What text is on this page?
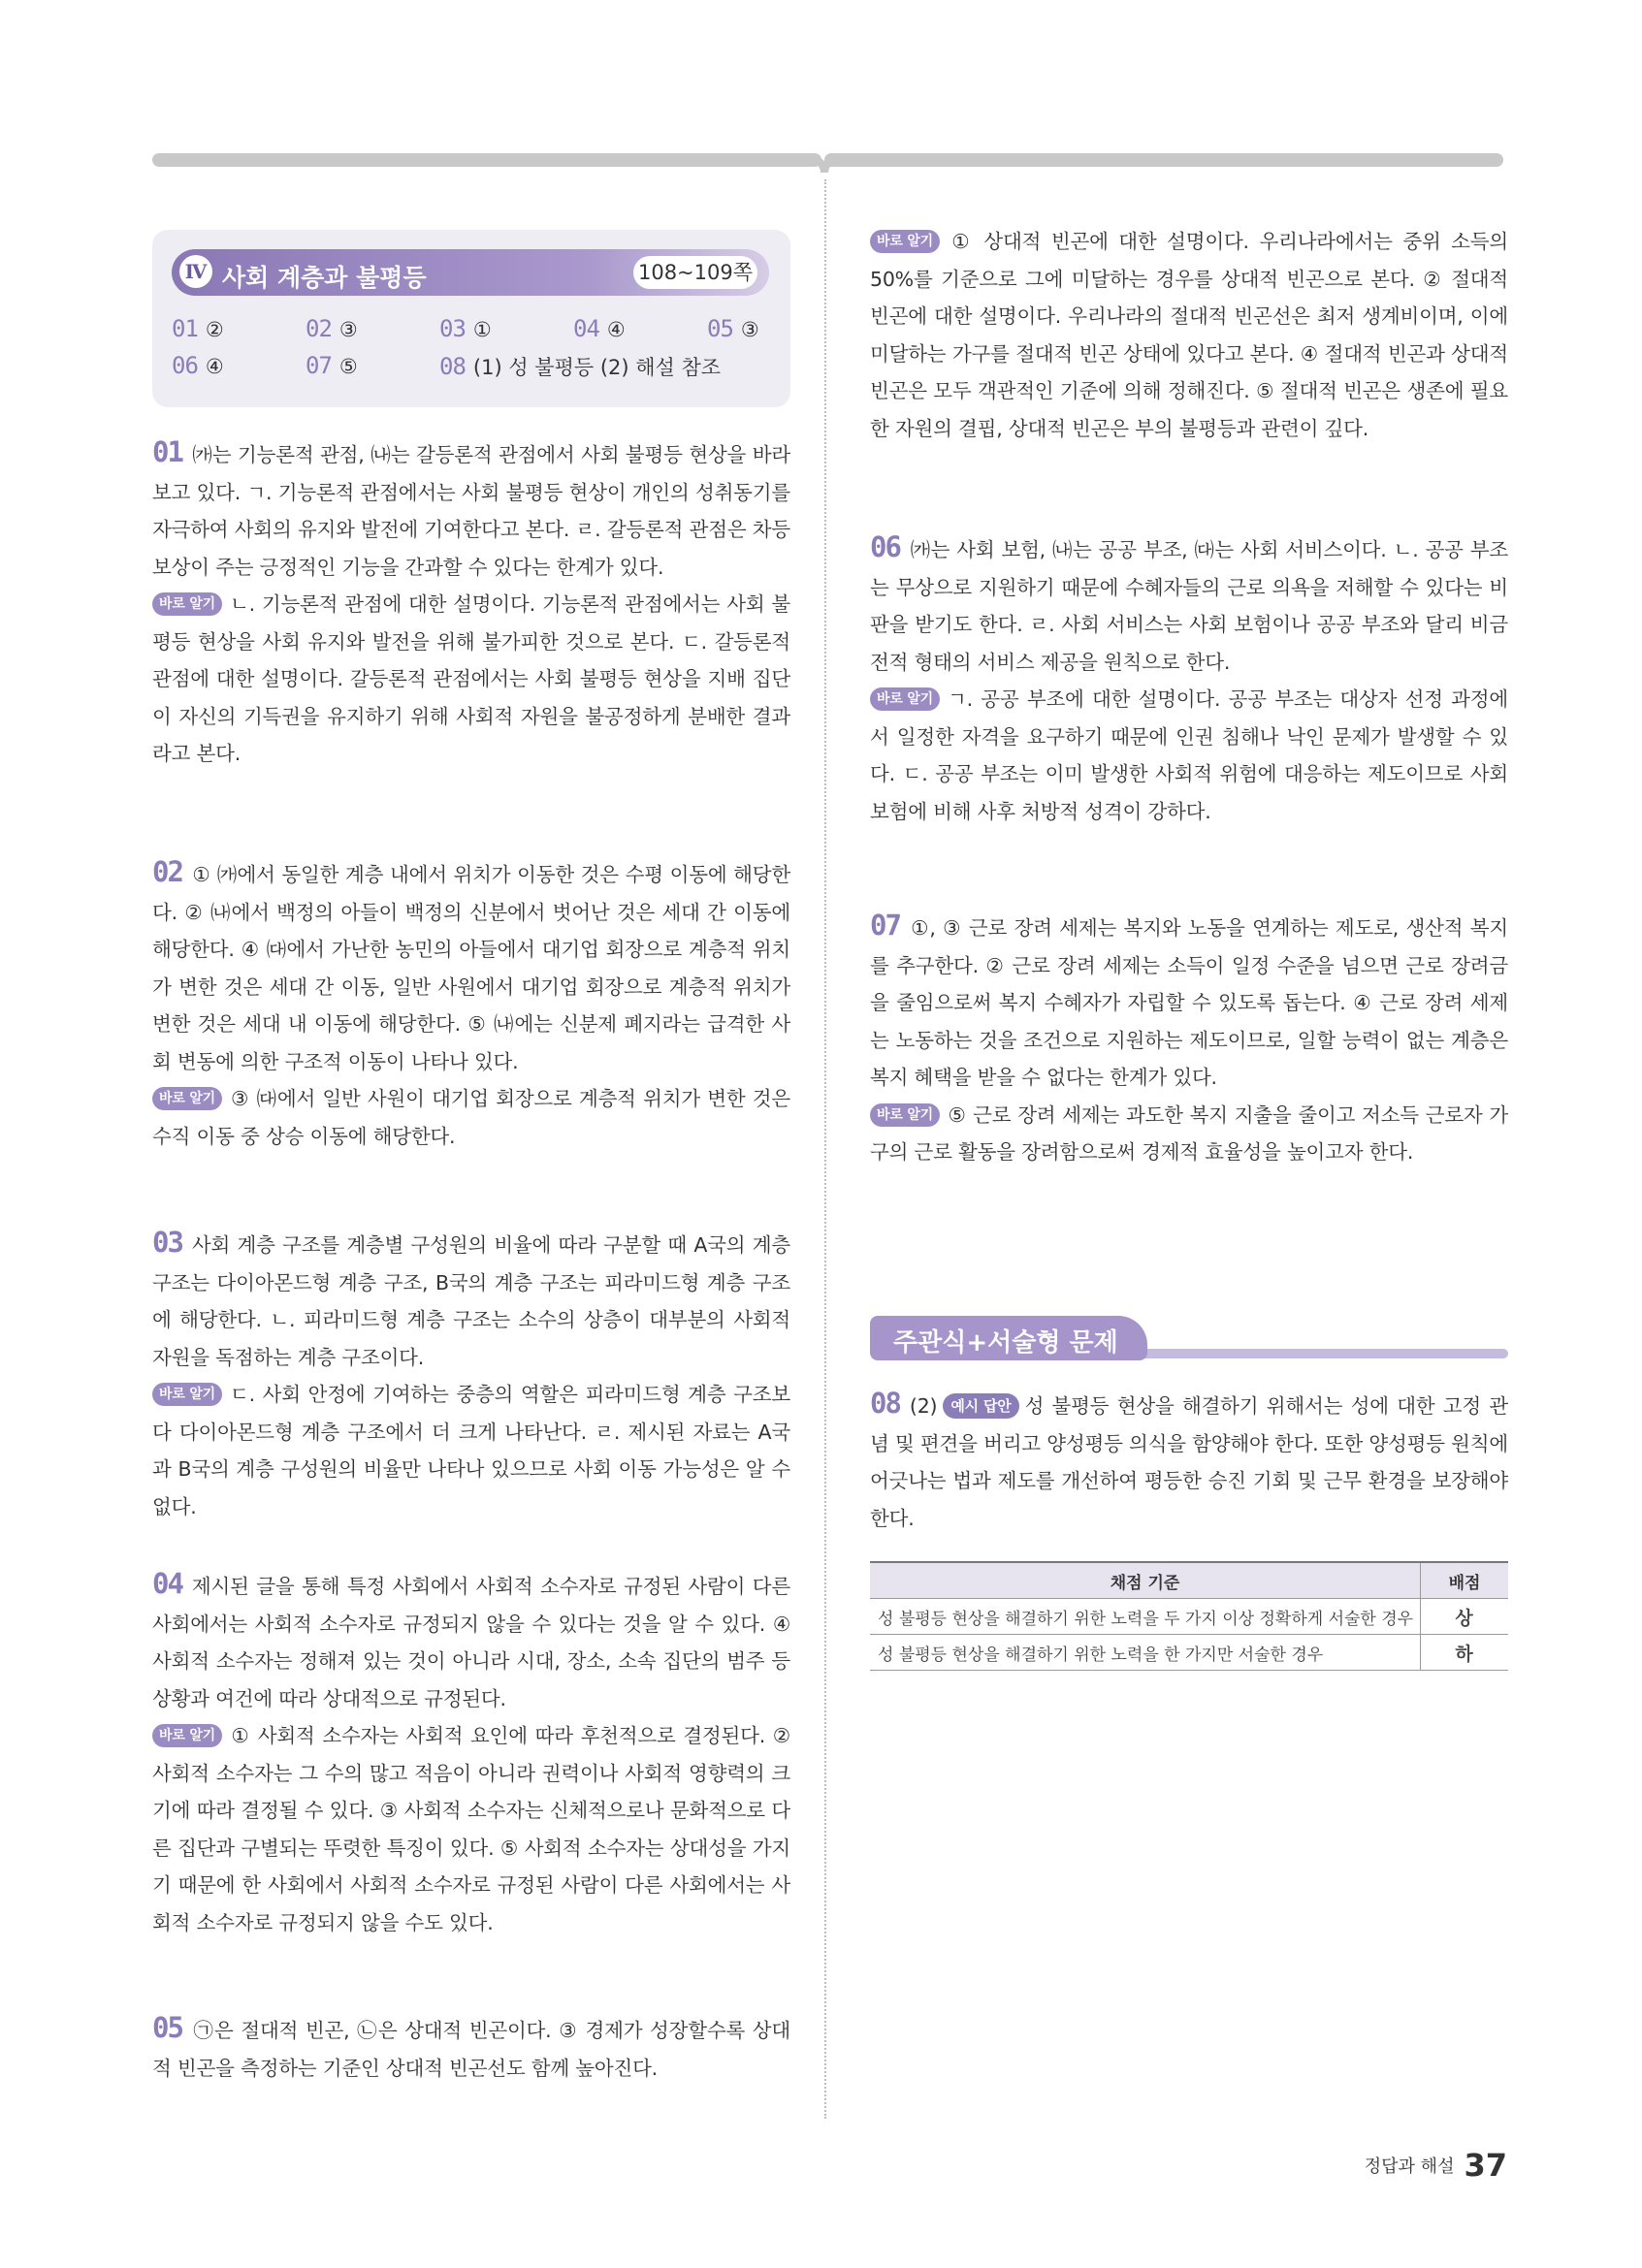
Ⅳ 사회 계층과 불평등	108~109쪽
01 ②	02 ③	03 ①	04 ④	05 ③
06 ④	07 ⑤	08 (1) 성 불평등 (2) 해설 참조
01 ㈎는 기능론적 관점, ㈏는 갈등론적 관점에서 사회 불평등 현상을 바라보고 있다. ㄱ. 기능론적 관점에서는 사회 불평등 현상이 개인의 성취동기를 자극하여 사회의 유지와 발전에 기여한다고 본다. ㄹ. 갈등론적 관점은 차등 보상이 주는 긍정적인 기능을 간과할 수 있다는 한계가 있다.
바로 알기 ㄴ. 기능론적 관점에 대한 설명이다. 기능론적 관점에서는 사회 불평등 현상을 사회 유지와 발전을 위해 불가피한 것으로 본다. ㄷ. 갈등론적 관점에 대한 설명이다. 갈등론적 관점에서는 사회 불평등 현상을 지배 집단이 자신의 기득권을 유지하기 위해 사회적 자원을 불공정하게 분배한 결과라고 본다.
02 ① ㈎에서 동일한 계층 내에서 위치가 이동한 것은 수평 이동에 해당한다. ② ㈏에서 백정의 아들이 백정의 신분에서 벗어난 것은 세대 간 이동에 해당한다. ④ ㈐에서 가난한 농민의 아들에서 대기업 회장으로 계층적 위치가 변한 것은 세대 간 이동, 일반 사원에서 대기업 회장으로 계층적 위치가 변한 것은 세대 내 이동에 해당한다. ⑤ ㈏에는 신분제 폐지라는 급격한 사회 변동에 의한 구조적 이동이 나타나 있다.
바로 알기 ③ ㈐에서 일반 사원이 대기업 회장으로 계층적 위치가 변한 것은 수직 이동 중 상승 이동에 해당한다.
03 사회 계층 구조를 계층별 구성원의 비율에 따라 구분할 때 A국의 계층 구조는 다이아몬드형 계층 구조, B국의 계층 구조는 피라미드형 계층 구조에 해당한다. ㄴ. 피라미드형 계층 구조는 소수의 상층이 대부분의 사회적 자원을 독점하는 계층 구조이다.
바로 알기 ㄷ. 사회 안정에 기여하는 중층의 역할은 피라미드형 계층 구조보다 다이아몬드형 계층 구조에서 더 크게 나타난다. ㄹ. 제시된 자료는 A국과 B국의 계층 구성원의 비율만 나타나 있으므로 사회 이동 가능성은 알 수 없다.
04 제시된 글을 통해 특정 사회에서 사회적 소수자로 규정된 사람이 다른 사회에서는 사회적 소수자로 규정되지 않을 수 있다는 것을 알 수 있다. ④ 사회적 소수자는 정해져 있는 것이 아니라 시대, 장소, 소속 집단의 범주 등 상황과 여건에 따라 상대적으로 규정된다.
바로 알기 ① 사회적 소수자는 사회적 요인에 따라 후천적으로 결정된다. ② 사회적 소수자는 그 수의 많고 적음이 아니라 권력이나 사회적 영향력의 크기에 따라 결정될 수 있다. ③ 사회적 소수자는 신체적으로나 문화적으로 다른 집단과 구별되는 뚜렷한 특징이 있다. ⑤ 사회적 소수자는 상대성을 가지기 때문에 한 사회에서 사회적 소수자로 규정된 사람이 다른 사회에서는 사회적 소수자로 규정되지 않을 수도 있다.
05 ㉠은 절대적 빈곤, ㉡은 상대적 빈곤이다. ③ 경제가 성장할수록 상대적 빈곤을 측정하는 기준인 상대적 빈곤선도 함께 높아진다.
바로 알기 ① 상대적 빈곤에 대한 설명이다. 우리나라에서는 중위 소득의 50%를 기준으로 그에 미달하는 경우를 상대적 빈곤으로 본다. ② 절대적 빈곤에 대한 설명이다. 우리나라의 절대적 빈곤선은 최저 생계비이며, 이에 미달하는 가구를 절대적 빈곤 상태에 있다고 본다. ④ 절대적 빈곤과 상대적 빈곤은 모두 객관적인 기준에 의해 정해진다. ⑤ 절대적 빈곤은 생존에 필요한 자원의 결핍, 상대적 빈곤은 부의 불평등과 관련이 깊다.
06 ㈎는 사회 보험, ㈏는 공공 부조, ㈐는 사회 서비스이다. ㄴ. 공공 부조는 무상으로 지원하기 때문에 수혜자들의 근로 의욕을 저해할 수 있다는 비판을 받기도 한다. ㄹ. 사회 서비스는 사회 보험이나 공공 부조와 달리 비금전적 형태의 서비스 제공을 원칙으로 한다.
바로 알기 ㄱ. 공공 부조에 대한 설명이다. 공공 부조는 대상자 선정 과정에서 일정한 자격을 요구하기 때문에 인권 침해나 낙인 문제가 발생할 수 있다. ㄷ. 공공 부조는 이미 발생한 사회적 위험에 대응하는 제도이므로 사회 보험에 비해 사후 처방적 성격이 강하다.
07 ①, ③ 근로 장려 세제는 복지와 노동을 연계하는 제도로, 생산적 복지를 추구한다. ② 근로 장려 세제는 소득이 일정 수준을 넘으면 근로 장려금을 줄임으로써 복지 수혜자가 자립할 수 있도록 돕는다. ④ 근로 장려 세제는 노동하는 것을 조건으로 지원하는 제도이므로, 일할 능력이 없는 계층은 복지 혜택을 받을 수 없다는 한계가 있다.
바로 알기 ⑤ 근로 장려 세제는 과도한 복지 지출을 줄이고 저소득 근로자 가구의 근로 활동을 장려함으로써 경제적 효율성을 높이고자 한다.
주관식+서술형 문제
08 (2) 예시 답안 성 불평등 현상을 해결하기 위해서는 성에 대한 고정 관념 및 편견을 버리고 양성평등 의식을 함양해야 한다. 또한 양성평등 원칙에 어긋나는 법과 제도를 개선하여 평등한 승진 기회 및 근무 환경을 보장해야 한다.
채점 기준	배점
성 불평등 현상을 해결하기 위한 노력을 두 가지 이상 정확하게 서술한 경우	상
성 불평등 현상을 해결하기 위한 노력을 한 가지만 서술한 경우	하
정답과 해설 37
